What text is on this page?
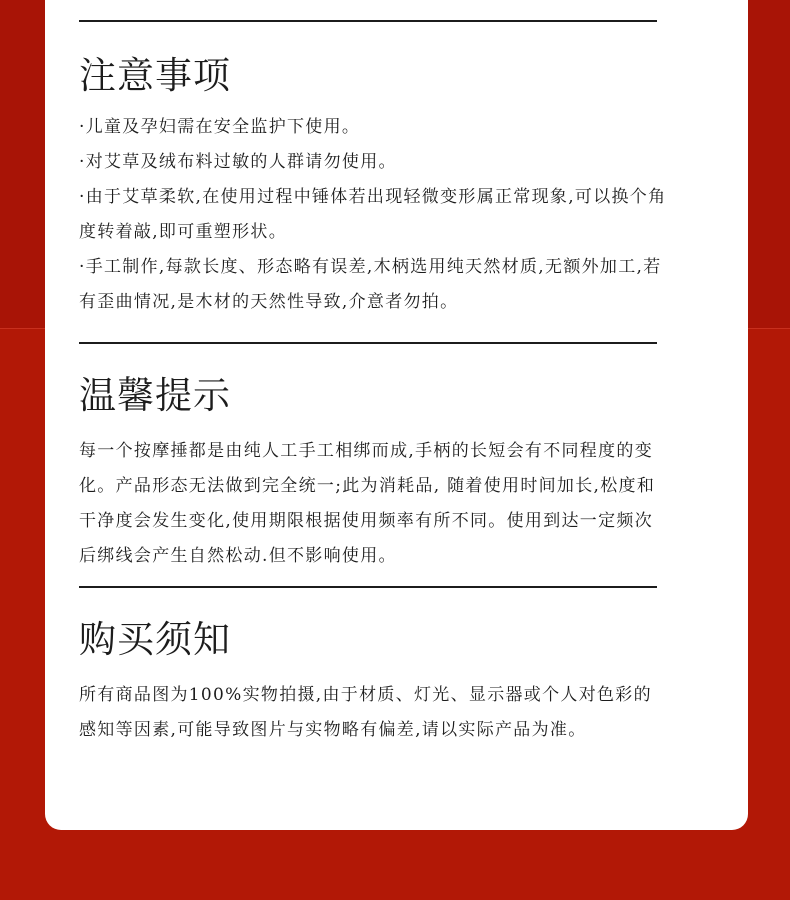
注意事项

·儿童及孕妇需在安全监护下使用。

·对艾草及绒布料过敏的人群请勿使用。

·由于艾草柔软,在使用过程中锤体若出现轻微变形属正常现象,可以换个角度转着敲,即可重塑形状。

·手工制作,每款长度、形态略有误差,木柄选用纯天然材质,无额外加工,若有歪曲情况,是木材的天然性导致,介意者勿拍。

温馨提示

每一个按摩捶都是由纯人工手工相绑而成,手柄的长短会有不同程度的变化。产品形态无法做到完全统一;此为消耗品, 随着使用时间加长,松度和干净度会发生变化,使用期限根据使用频率有所不同。使用到达一定频次后绑线会产生自然松动.但不影响使用。

购买须知

所有商品图为100%实物拍摄,由于材质、灯光、显示器或个人对色彩的感知等因素,可能导致图片与实物略有偏差,请以实际产品为准。
